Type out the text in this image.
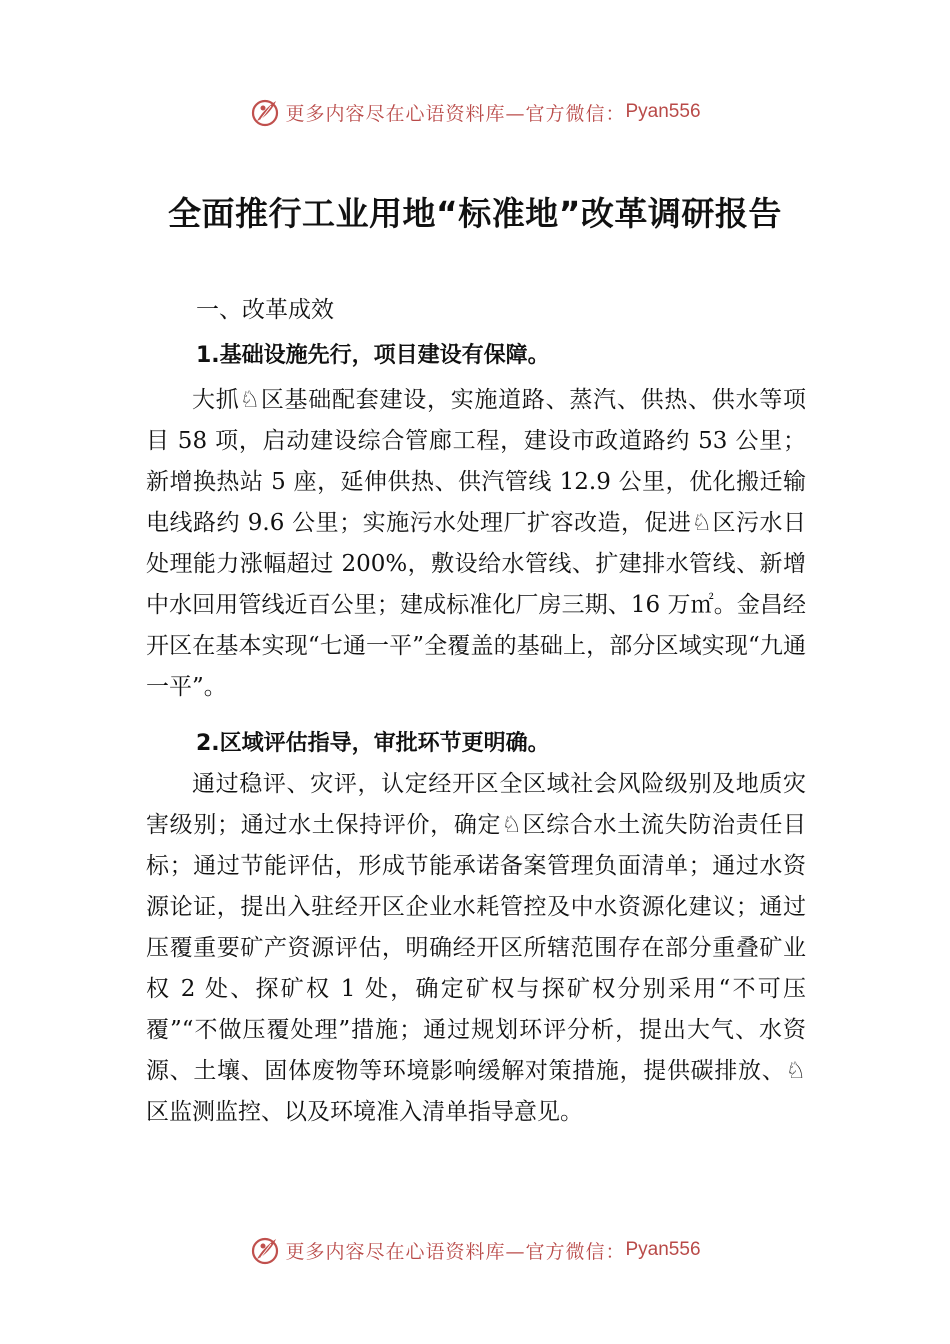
更多内容尽在心语资料库—官方微信： Pyan556
全面推行工业用地“标准地”改革调研报告
一、改革成效
1.基础设施先行，项目建设有保障。

大抓♘区基础配套建设，实施道路、蒸汽、供热、供水等项目 58 项，启动建设综合管廊工程，建设市政道路约 53 公里；新增换热站 5 座，延伸供热、供汽管线 12.9 公里，优化搬迁输电线路约 9.6 公里；实施污水处理厂扩容改造，促进♘区污水日处理能力涨幅超过 200%，敷设给水管线、扩建排水管线、新增中水回用管线近百公里；建成标准化厂房三期、16 万㎡。金昌经开区在基本实现“七通一平”全覆盖的基础上，部分区域实现“九通一平”。

2.区域评估指导，审批环节更明确。

通过稳评、灾评，认定经开区全区域社会风险级别及地质灾害级别；通过水土保持评价，确定♘区综合水土流失防治责任目标；通过节能评估，形成节能承诺备案管理负面清单；通过水资源论证，提出入驻经开区企业水耗管控及中水资源化建议；通过压覆重要矿产资源评估，明确经开区所辖范围存在部分重叠矿业权 2 处、探矿权 1 处，确定矿权与探矿权分别采用“不可压覆”“不做压覆处理”措施；通过规划环评分析，提出大气、水资源、土壤、固体废物等环境影响缓解对策措施，提供碳排放、♘区监测监控、以及环境准入清单指导意见。

更多内容尽在心语资料库—官方微信： Pyan556
